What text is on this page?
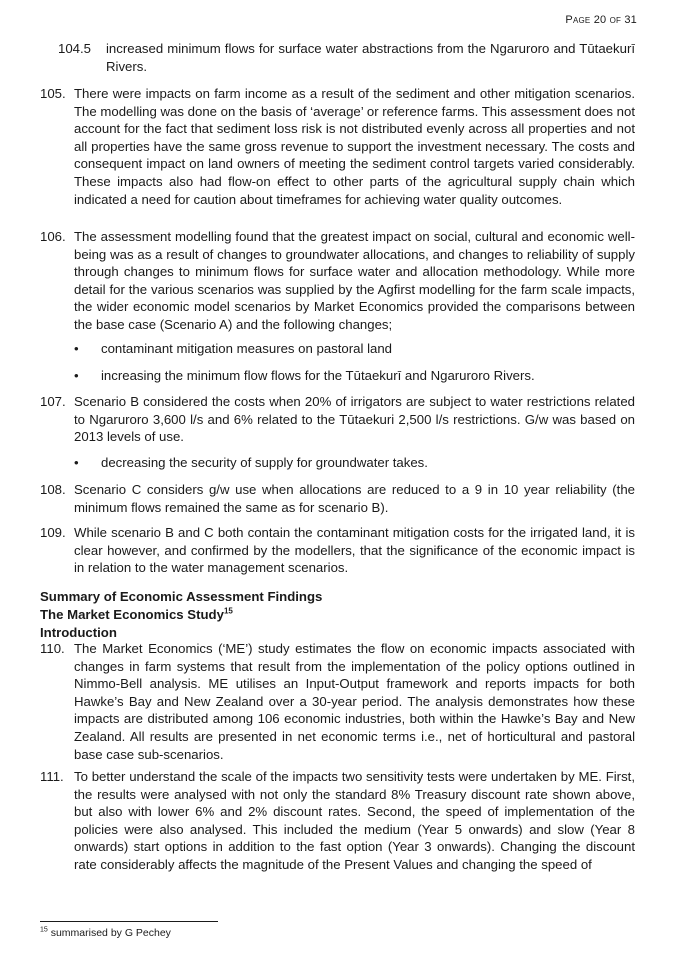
Page 20 of 31
104.5 increased minimum flows for surface water abstractions from the Ngaruroro and Tūtaekurī Rivers.
105. There were impacts on farm income as a result of the sediment and other mitigation scenarios. The modelling was done on the basis of ‘average’ or reference farms. This assessment does not account for the fact that sediment loss risk is not distributed evenly across all properties and not all properties have the same gross revenue to support the investment necessary. The costs and consequent impact on land owners of meeting the sediment control targets varied considerably. These impacts also had flow-on effect to other parts of the agricultural supply chain which indicated a need for caution about timeframes for achieving water quality outcomes.
106. The assessment modelling found that the greatest impact on social, cultural and economic well-being was as a result of changes to groundwater allocations, and changes to reliability of supply through changes to minimum flows for surface water and allocation methodology. While more detail for the various scenarios was supplied by the Agfirst modelling for the farm scale impacts, the wider economic model scenarios by Market Economics provided the comparisons between the base case (Scenario A) and the following changes;
• contaminant mitigation measures on pastoral land
• increasing the minimum flow flows for the Tūtaekurī and Ngaruroro Rivers.
107. Scenario B considered the costs when 20% of irrigators are subject to water restrictions related to Ngaruroro 3,600 l/s and 6% related to the Tūtaekuri 2,500 l/s restrictions. G/w was based on 2013 levels of use.
• decreasing the security of supply for groundwater takes.
108. Scenario C considers g/w use when allocations are reduced to a 9 in 10 year reliability (the minimum flows remained the same as for scenario B).
109. While scenario B and C both contain the contaminant mitigation costs for the irrigated land, it is clear however, and confirmed by the modellers, that the significance of the economic impact is in relation to the water management scenarios.
Summary of Economic Assessment Findings
The Market Economics Study$^{15}$
Introduction
110. The Market Economics (‘ME’) study estimates the flow on economic impacts associated with changes in farm systems that result from the implementation of the policy options outlined in Nimmo-Bell analysis. ME utilises an Input-Output framework and reports impacts for both Hawke’s Bay and New Zealand over a 30-year period. The analysis demonstrates how these impacts are distributed among 106 economic industries, both within the Hawke’s Bay and New Zealand. All results are presented in net economic terms i.e., net of horticultural and pastoral base case sub-scenarios.
111. To better understand the scale of the impacts two sensitivity tests were undertaken by ME. First, the results were analysed with not only the standard 8% Treasury discount rate shown above, but also with lower 6% and 2% discount rates. Second, the speed of implementation of the policies were also analysed. This included the medium (Year 5 onwards) and slow (Year 8 onwards) start options in addition to the fast option (Year 3 onwards). Changing the discount rate considerably affects the magnitude of the Present Values and changing the speed of
$^{15}$ summarised by G Pechey
